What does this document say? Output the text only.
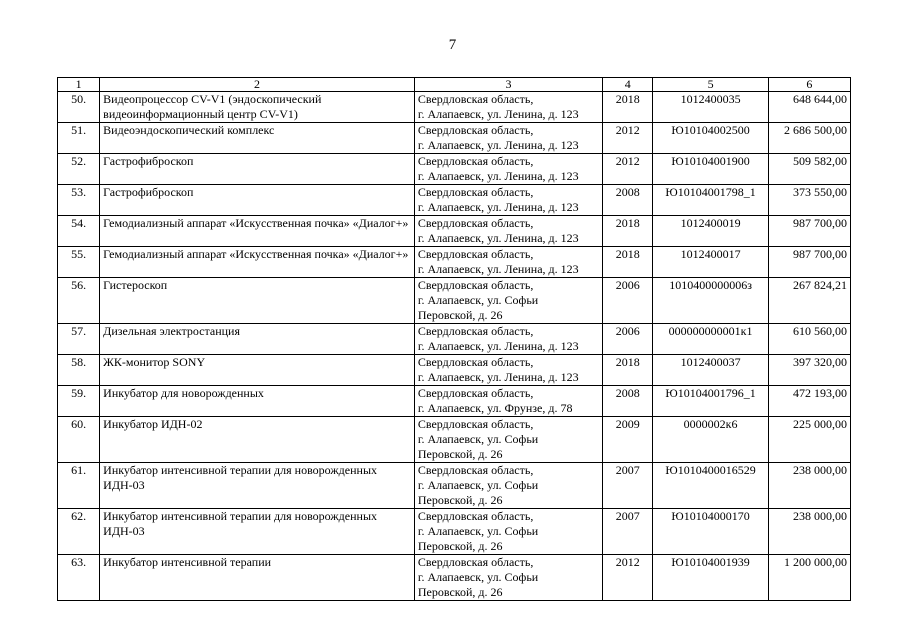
7
1	2	3	4	5	6
50.	Видеопроцессор CV-V1 (эндоскопический видеоинформационный центр CV-V1)	Свердловская область,
г. Алапаевск, ул. Ленина, д. 123	2018	1012400035	648 644,00
51.	Видеоэндоскопический комплекс	Свердловская область,
г. Алапаевск, ул. Ленина, д. 123	2012	Ю10104002500	2 686 500,00
52.	Гастрофиброскоп	Свердловская область,
г. Алапаевск, ул. Ленина, д. 123	2012	Ю10104001900	509 582,00
53.	Гастрофиброскоп	Свердловская область,
г. Алапаевск, ул. Ленина, д. 123	2008	Ю10104001798_1	373 550,00
54.	Гемодиализный аппарат «Искусственная почка» «Диалог+»	Свердловская область,
г. Алапаевск, ул. Ленина, д. 123	2018	1012400019	987 700,00
55.	Гемодиализный аппарат «Искусственная почка» «Диалог+»	Свердловская область,
г. Алапаевск, ул. Ленина, д. 123	2018	1012400017	987 700,00
56.	Гистероскоп	Свердловская область,
г. Алапаевск, ул. Софьи
Перовской, д. 26	2006	1010400000006з	267 824,21
57.	Дизельная электростанция	Свердловская область,
г. Алапаевск, ул. Ленина, д. 123	2006	000000000001к1	610 560,00
58.	ЖК-монитор SONY	Свердловская область,
г. Алапаевск, ул. Ленина, д. 123	2018	1012400037	397 320,00
59.	Инкубатор для новорожденных	Свердловская область,
г. Алапаевск, ул. Фрунзе, д. 78	2008	Ю10104001796_1	472 193,00
60.	Инкубатор ИДН-02	Свердловская область,
г. Алапаевск, ул. Софьи
Перовской, д. 26	2009	0000002к6	225 000,00
61.	Инкубатор интенсивной терапии для новорожденных ИДН-03	Свердловская область,
г. Алапаевск, ул. Софьи
Перовской, д. 26	2007	Ю1010400016529	238 000,00
62.	Инкубатор интенсивной терапии для новорожденных ИДН-03	Свердловская область,
г. Алапаевск, ул. Софьи
Перовской, д. 26	2007	Ю10104000170	238 000,00
63.	Инкубатор интенсивной терапии	Свердловская область,
г. Алапаевск, ул. Софьи
Перовской, д. 26	2012	Ю10104001939	1 200 000,00
